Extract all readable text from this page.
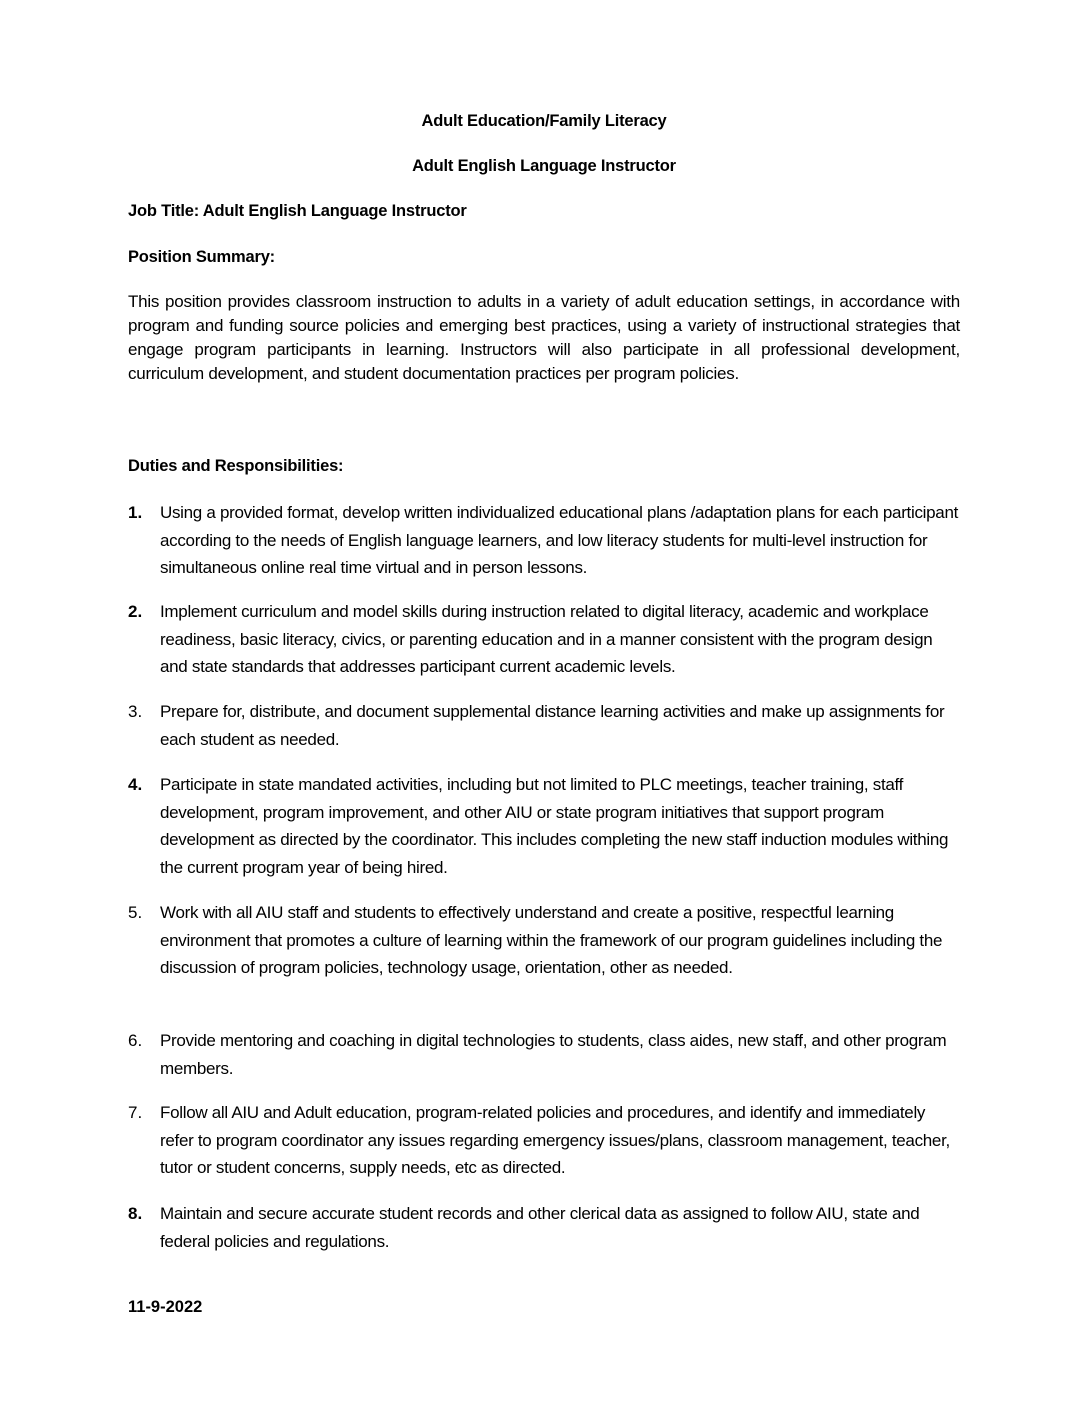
Adult Education/Family Literacy
Adult English Language Instructor
Job Title: Adult English Language Instructor
Position Summary:

This position provides classroom instruction to adults in a variety of adult education settings, in accordance with program and funding source policies and emerging best practices, using a variety of instructional strategies that engage program participants in learning. Instructors will also participate in all professional development, curriculum development, and student documentation practices per program policies.

Duties and Responsibilities:
1. Using a provided format, develop written individualized educational plans /adaptation plans for each participant according to the needs of English language learners, and low literacy students for multi-level instruction for simultaneous online real time virtual and in person lessons.

2. Implement curriculum and model skills during instruction related to digital literacy, academic and workplace readiness, basic literacy, civics, or parenting education and in a manner consistent with the program design and state standards that addresses participant current academic levels.

3. Prepare for, distribute, and document supplemental distance learning activities and make up assignments for each student as needed.

4. Participate in state mandated activities, including but not limited to PLC meetings, teacher training, staff development, program improvement, and other AIU or state program initiatives that support program development as directed by the coordinator. This includes completing the new staff induction modules withing the current program year of being hired.

5. Work with all AIU staff and students to effectively understand and create a positive, respectful learning environment that promotes a culture of learning within the framework of our program guidelines including the discussion of program policies, technology usage, orientation, other as needed.

6. Provide mentoring and coaching in digital technologies to students, class aides, new staff, and other program members.

7. Follow all AIU and Adult education, program-related policies and procedures, and identify and immediately refer to program coordinator any issues regarding emergency issues/plans, classroom management, teacher, tutor or student concerns, supply needs, etc as directed.

8. Maintain and secure accurate student records and other clerical data as assigned to follow AIU, state and federal policies and regulations.

11-9-2022
